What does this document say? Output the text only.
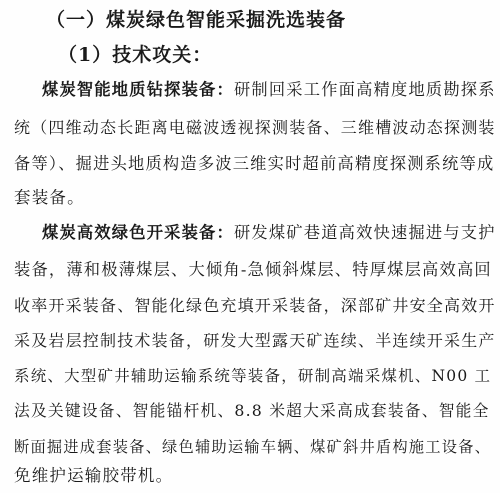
（一）煤炭绿色智能采掘洗选装备
（1）技术攻关：
煤炭智能地质钻探装备：研制回采工作面高精度地质勘探系
统（四维动态长距离电磁波透视探测装备、三维槽波动态探测装
备等）、掘进头地质构造多波三维实时超前高精度探测系统等成
套装备。
煤炭高效绿色开采装备：研发煤矿巷道高效快速掘进与支护
装备，薄和极薄煤层、大倾角-急倾斜煤层、特厚煤层高效高回
收率开采装备、智能化绿色充填开采装备，深部矿井安全高效开
采及岩层控制技术装备，研发大型露天矿连续、半连续开采生产
系统、大型矿井辅助运输系统等装备，研制高端采煤机、N00 工
法及关键设备、智能锚杆机、8.8 米超大采高成套装备、智能全
断面掘进成套装备、绿色辅助运输车辆、煤矿斜井盾构施工设备、
免维护运输胶带机。
